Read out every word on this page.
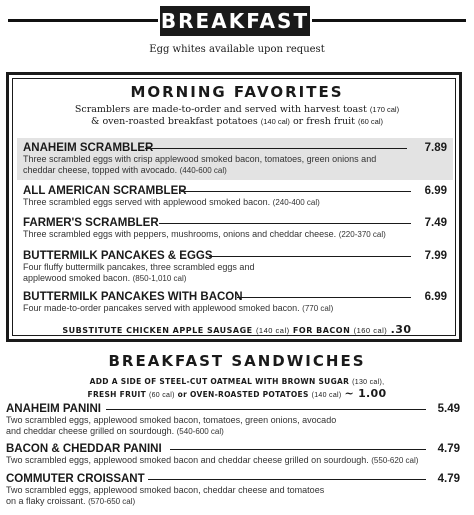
BREAKFAST
Egg whites available upon request
MORNING FAVORITES
Scramblers are made-to-order and served with harvest toast (170 cal)
& oven-roasted breakfast potatoes (140 cal) or fresh fruit (60 cal)
ANAHEIM SCRAMBLER	7.89
Three scrambled eggs with crisp applewood smoked bacon, tomatoes, green onions and
cheddar cheese, topped with avocado. (440-600 cal)
ALL AMERICAN SCRAMBLER	6.99
Three scrambled eggs served with applewood smoked bacon. (240-400 cal)
FARMER'S SCRAMBLER	7.49
Three scrambled eggs with peppers, mushrooms, onions and cheddar cheese. (220-370 cal)
BUTTERMILK PANCAKES & EGGS	7.99
Four fluffy buttermilk pancakes, three scrambled eggs and
applewood smoked bacon. (850-1,010 cal)
BUTTERMILK PANCAKES WITH BACON	6.99
Four made-to-order pancakes served with applewood smoked bacon. (770 cal)
SUBSTITUTE CHICKEN APPLE SAUSAGE (140 cal) FOR BACON (160 cal) .30
BREAKFAST SANDWICHES
ADD A SIDE OF STEEL-CUT OATMEAL WITH BROWN SUGAR (130 cal),
FRESH FRUIT (60 cal) or OVEN-ROASTED POTATOES (140 cal) ~ 1.00
ANAHEIM PANINI	5.49
Two scrambled eggs, applewood smoked bacon, tomatoes, green onions, avocado
and cheddar cheese grilled on sourdough. (540-600 cal)
BACON & CHEDDAR PANINI	4.79
Two scrambled eggs, applewood smoked bacon and cheddar cheese grilled on sourdough. (550-620 cal)
COMMUTER CROISSANT	4.79
Two scrambled eggs, applewood smoked bacon, cheddar cheese and tomatoes
on a flaky croissant. (570-650 cal)
